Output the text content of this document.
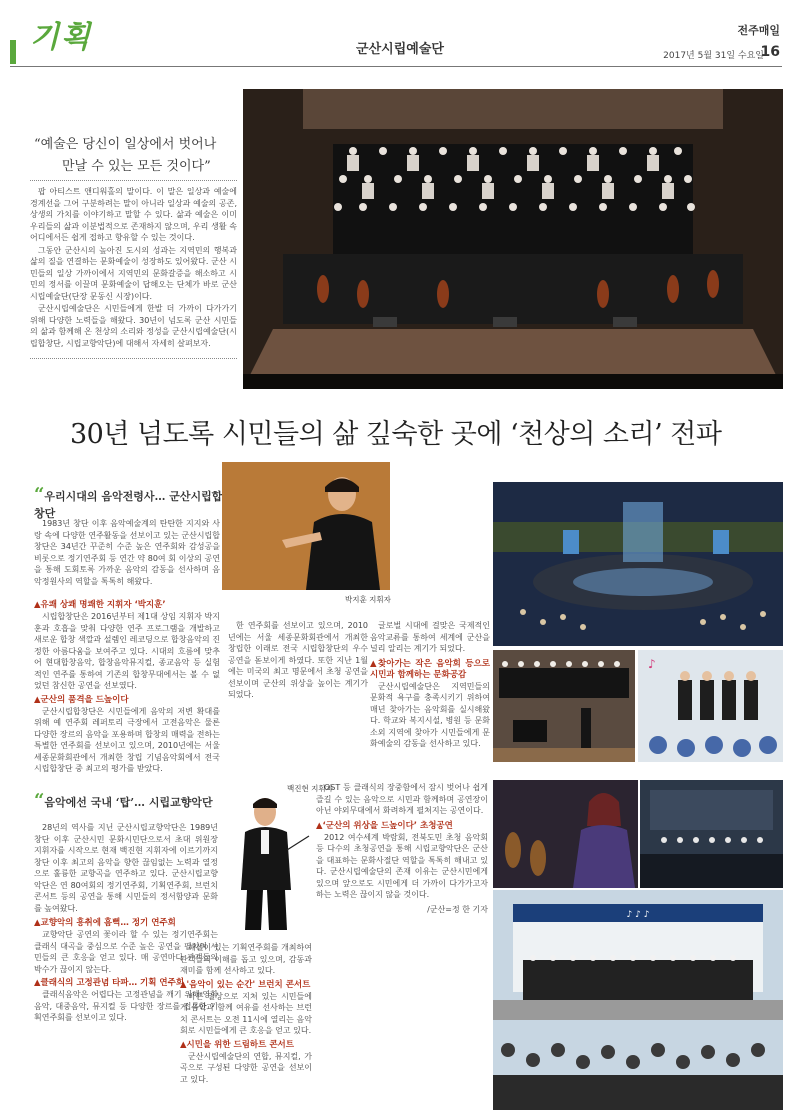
기획	군산시립예술단
전주매일
2017년 5월 31일 수요일
16
“예술은 당신이 일상에서 벗어나
만날 수 있는 모든 것이다”

팝 아티스트 앤디워홀의 말이다. 이 말은 일상과 예술에 경계선을 그어 구분하려는 말이 아니라 일상과 예술의 공존, 상생의 가치를 이야기하고 말할 수 있다. 삶과 예술은 이미 우리들의 삶과 이분법적으로 존재하지 않으며, 우리 생활 속 어디에서든 쉽게 접하고 향유할 수 있는 것이다.

그동안 군산시의 높아진 도시의 성과는 지역민의 행복과 삶의 질을 연결하는 문화예술이 성장하도 있어왔다. 군산 시민들의 일상 가까이에서 지역민의 문화갈증을 해소하고 시민의 정서를 이끌며 문화예술이 답해오는 단체가 바로 군산시립예술단(단장 문동신 시장)이다.

군산시립예술단은 시민들에게 한발 더 가까이 다가가기 위해 다양한 노력들을 해왔다. 30년이 넘도록 군산 시민들의 삶과 함께해 온 천상의 소리와 정성을 군산시립예술단(시립합창단, 시립교향악단)에 대해서 자세히 살펴보자.

30년 넘도록 시민들의 삶 깊숙한 곳에 ‘천상의 소리’ 전파
“우리시대의 음악전령사… 군산시립합창단

1983년 창단 이후 음악예술계의 탄탄한 지지와 사랑 속에 다양한 연주활동을 선보이고 있는 군산시립합창단은 34년간 꾸준히 수준 높은 연주회와 감성공을 비롯으로 정기연주회 등 연간 약 80여 회 이상의 공연을 통해 도회토록 가까운 음악의 감동을 선사하며 음악정원사의 역할을 톡톡히 해왔다.

박지훈 지휘자
▲유쾌 상쾌 명쾌한 지휘자 ‘박지훈’

시립합창단은 2016년부터 제1대 상임 지휘자 박지훈과 호흡을 맞춰 다양한 연주 프로그램을 개발하고 새로운 합창 색깔과 설렘인 레코딩으로 합창음악의 진정한 아름다움을 보여주고 있다. 시대의 흐름에 맞추어 현대합창음악, 합창음악뮤지컬, 종교음악 등 실험적인 연주를 통하여 기존의 합창무대에서는 볼 수 없었던 참신한 공연을 선보였다.

▲군산의 품격을 드높이다

군산시립합창단은 시민들에게 음악의 저변 확대를 위해 예 연주회 레퍼토리 극장에서 고전음악은 물론 다양한 장르의 음악을 포용하며 합창의 매력을 전하는 특별한 연주회를 선보이고 있으며, 2010년에는 서울 세종문화회관에서 개최한 창립 기념음악회에서 전국 시립합창단 중 최고의 평가를 받았다.

한 연주회를 선보이고 있으며, 2010년에는 서울 세종문화회관에서 개최한 창립한 이래로 전국 시립합창단의 우수 공연을 돋보이게 하였다. 또한 지난 1월에는 미국의 최고 명문에서 초청 공연을 선보이며 군산의 위상을 높이는 계기가 되었다.

글로벌 시대에 걸맞은 국제적인 음악교류를 통하여 세계에 군산을 널리 알리는 계기가 되었다.

▲찾아가는 작은 음악회 등으로 시민과 함께하는 문화공감

군산시립예술단은 지역민들의 문화적 욕구를 충족시키기 위하여 매년 찾아가는 음악회를 실시해왔다. 학교와 복지시설, 병원 등 문화 소외 지역에 찾아가 시민들에게 문화예술의 감동을 선사하고 있다.

♪
“음악에선 국내 ‘탑’… 시립교향악단
백진현 지휘자

28년의 역사를 지닌 군산시립교향악단은 1989년 창단 이후 군산시민 문화시민단으로서 초대 위원장 지휘자를 시작으로 현재 백진현 지휘자에 이르기까지 창단 이후 최고의 음악을 향한 끊임없는 노력과 열정으로 훌륭한 교향곡을 연주하고 있다. 군산시립교향악단은 연 80여회의 정기연주회, 기획연주회, 브런치 콘서트 등의 공연을 통해 시민들의 정서함양과 문화를 높여왔다.

▲교향악의 흥취에 흠뻑… 정기 연주회

교향악단 공연의 꽃이라 할 수 있는 정기연주회는 클래식 대곡을 중심으로 수준 높은 공연을 펼치며 시민들의 큰 호응을 얻고 있다. 매 공연마다 관객들의 박수가 끊이지 않는다.

▲클래식의 고정관념 타파… 기획 연주회

클래식음악은 어렵다는 고정관념을 깨기 위해 영화음악, 대중음악, 뮤지컬 등 다양한 장르를 접목한 기획연주회를 선보이고 있다.

해설이 있는 기획연주회를 개최하여 관객들의 이해를 돕고 있으며, 감동과 재미를 함께 선사하고 있다.

▲'음악이 있는 순간' 브런치 콘서트

바쁜 일상으로 지쳐 있는 시민들에게 음악과 함께 여유를 선사하는 브런치 콘서트는 오전 11시에 열리는 음악회로 시민들에게 큰 호응을 얻고 있다.

▲시민을 위한 드림하트 콘서트

군산시립예술단의 연합, 뮤지컬, 가곡으로 구성된 다양한 공연을 선보이고 있다.

OST 등 클래식의 장중함에서 잠시 벗어나 쉽게 즐길 수 있는 음악으로 시민과 함께하며 공연장이 아닌 야외무대에서 화려하게 펼쳐지는 공연이다.

▲‘군산의 위상을 드높이다’ 초청공연

2012 여수세계 박람회, 전북도민 초청 음악회 등 다수의 초청공연을 통해 시립교향악단은 군산을 대표하는 문화사절단 역할을 톡톡히 해내고 있다. 군산시립예술단의 존재 이유는 군산시민에게 있으며 앞으로도 시민에게 더 가까이 다가가고자 하는 노력은 끊이지 않을 것이다.

/군산=정 한 기자
♪ ♪ ♪
